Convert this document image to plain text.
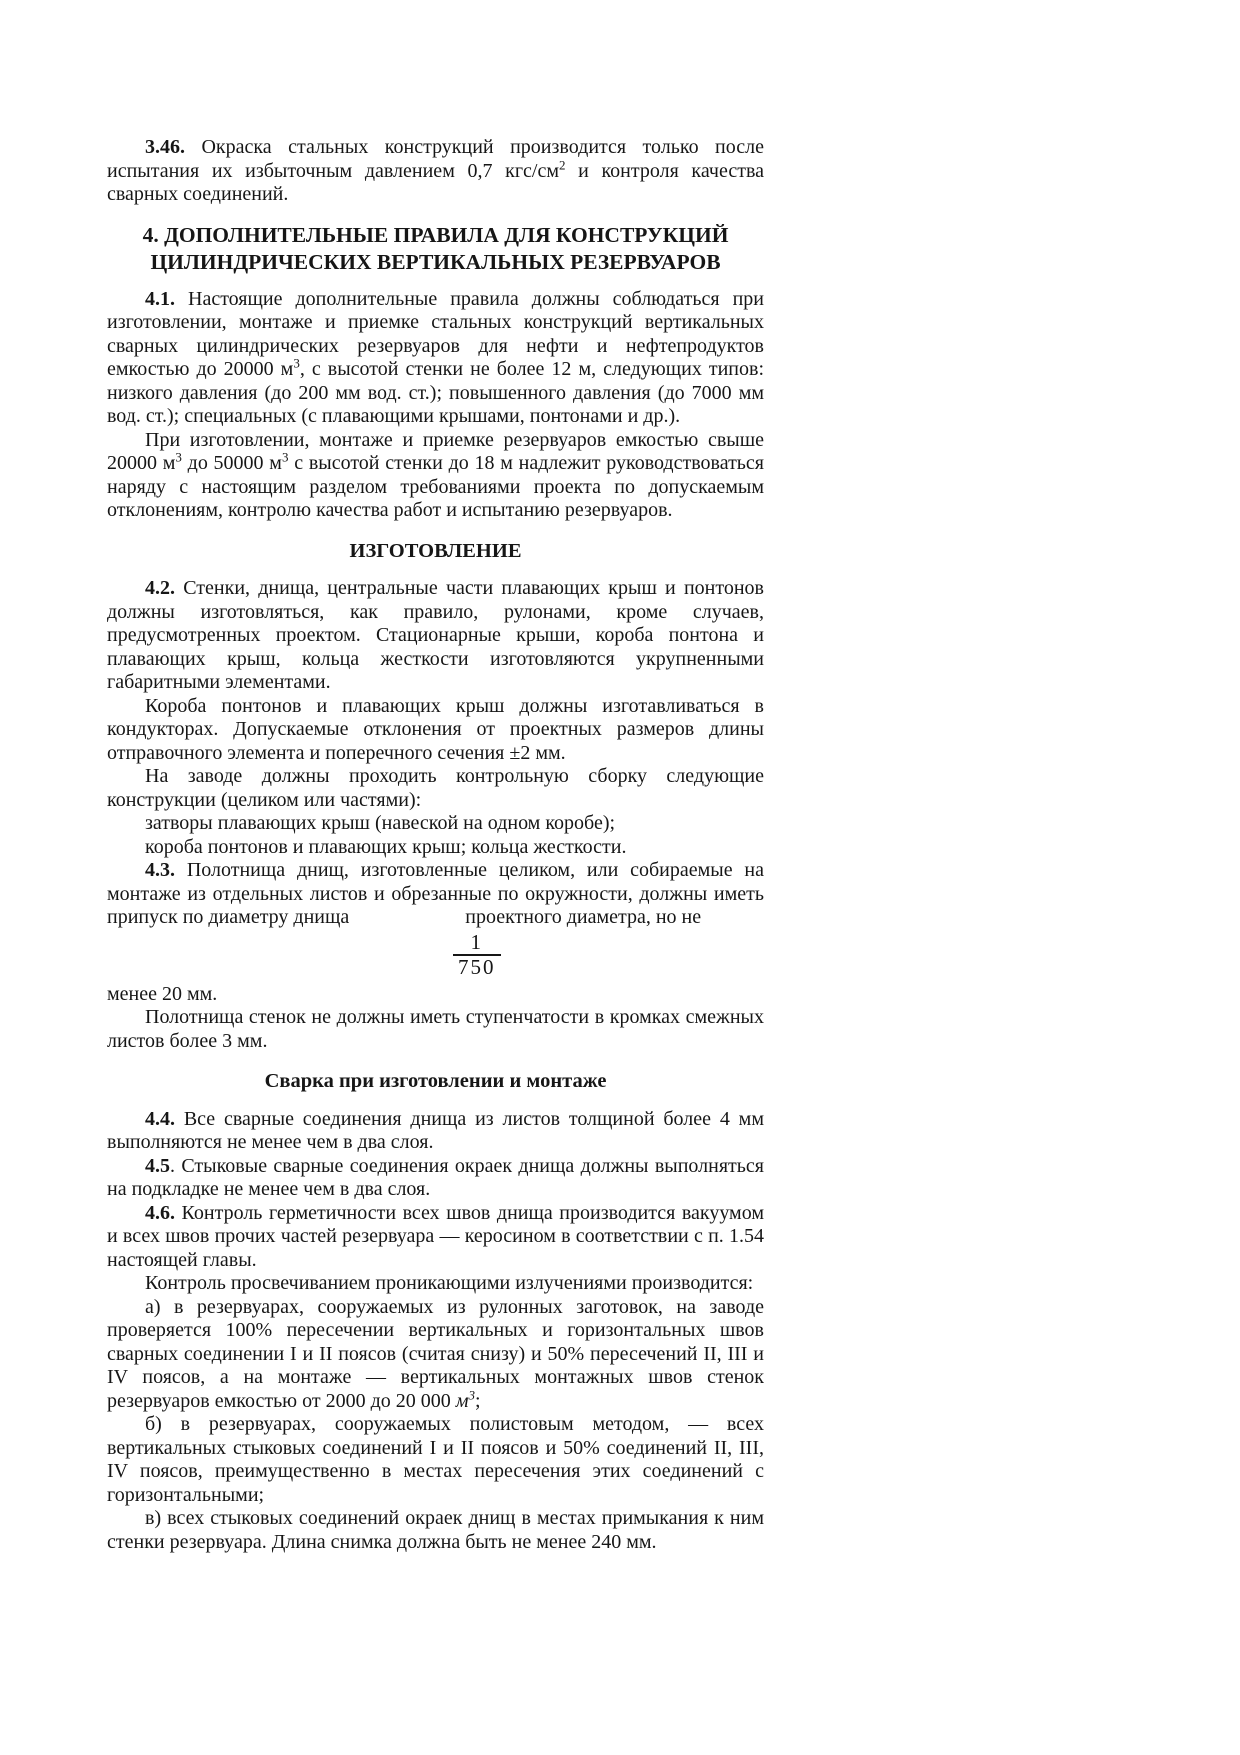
3.46. Окраска стальных конструкций производится только после испытания их избыточным давлением 0,7 кгс/$см^2$ и контроля качества сварных соединений.

4. ДОПОЛНИТЕЛЬНЫЕ ПРАВИЛА ДЛЯ КОНСТРУКЦИЙ
ЦИЛИНДРИЧЕСКИХ ВЕРТИКАЛЬНЫХ РЕЗЕРВУАРОВ

4.1. Настоящие дополнительные правила должны соблюдаться при изготовлении, монтаже и приемке стальных конструкций вертикальных сварных цилиндрических резервуаров для нефти и нефтепродуктов емкостью до 20000 $м^3$, с высотой стенки не более 12 м, следующих типов: низкого давления (до 200 мм вод. ст.); повышенного давления (до 7000 мм вод. ст.); специальных (с плавающими крышами, понтонами и др.).

При изготовлении, монтаже и приемке резервуаров емкостью свыше 20000 $м^3$ до 50000 $м^3$ с высотой стенки до 18 м надлежит руководствоваться наряду с настоящим разделом требованиями проекта по допускаемым отклонениям, контролю качества работ и испытанию резервуаров.

ИЗГОТОВЛЕНИЕ

4.2. Стенки, днища, центральные части плавающих крыш и понтонов должны изготовляться, как правило, рулонами, кроме случаев, предусмотренных проектом. Стационарные крыши, короба понтона и плавающих крыш, кольца жесткости изготовляются укрупненными габаритными элементами.

Короба понтонов и плавающих крыш должны изготавливаться в кондукторах. Допускаемые отклонения от проектных размеров длины отправочного элемента и поперечного сечения ±2 мм.

На заводе должны проходить контрольную сборку следующие конструкции (целиком или частями):

затворы плавающих крыш (навеской на одном коробе);

короба понтонов и плавающих крыш; кольца жесткости.

4.3. Полотнища днищ, изготовленные целиком, или собираемые на монтаже из отдельных листов и обрезанные по окружности, должны иметь припуск по диаметру днища	проектного диаметра, но не

$\frac{1}{750}$

менее 20 мм.

Полотнища стенок не должны иметь ступенчатости в кромках смежных листов более 3 мм.

Сварка при изготовлении и монтаже

4.4. Все сварные соединения днища из листов толщиной более 4 мм выполняются не менее чем в два слоя.

4.5. Стыковые сварные соединения окраек днища должны выполняться на подкладке не менее чем в два слоя.

4.6. Контроль герметичности всех швов днища производится вакуумом и всех швов прочих частей резервуара — керосином в соответствии с п. 1.54 настоящей главы.

Контроль просвечиванием проникающими излучениями производится:

а) в резервуарах, сооружаемых из рулонных заготовок, на заводе проверяется 100% пересечении вертикальных и горизонтальных швов сварных соединении I и II поясов (считая снизу) и 50% пересечений II, III и IV поясов, а на монтаже — вертикальных монтажных швов стенок резервуаров емкостью от 2000 до 20 000 $м^3$;

б) в резервуарах, сооружаемых полистовым методом, — всех вертикальных стыковых соединений I и II поясов и 50% соединений II, III, IV поясов, преимущественно в местах пересечения этих соединений с горизонтальными;

в) всех стыковых соединений окраек днищ в местах примыкания к ним стенки резервуара. Длина снимка должна быть не менее 240 мм.
